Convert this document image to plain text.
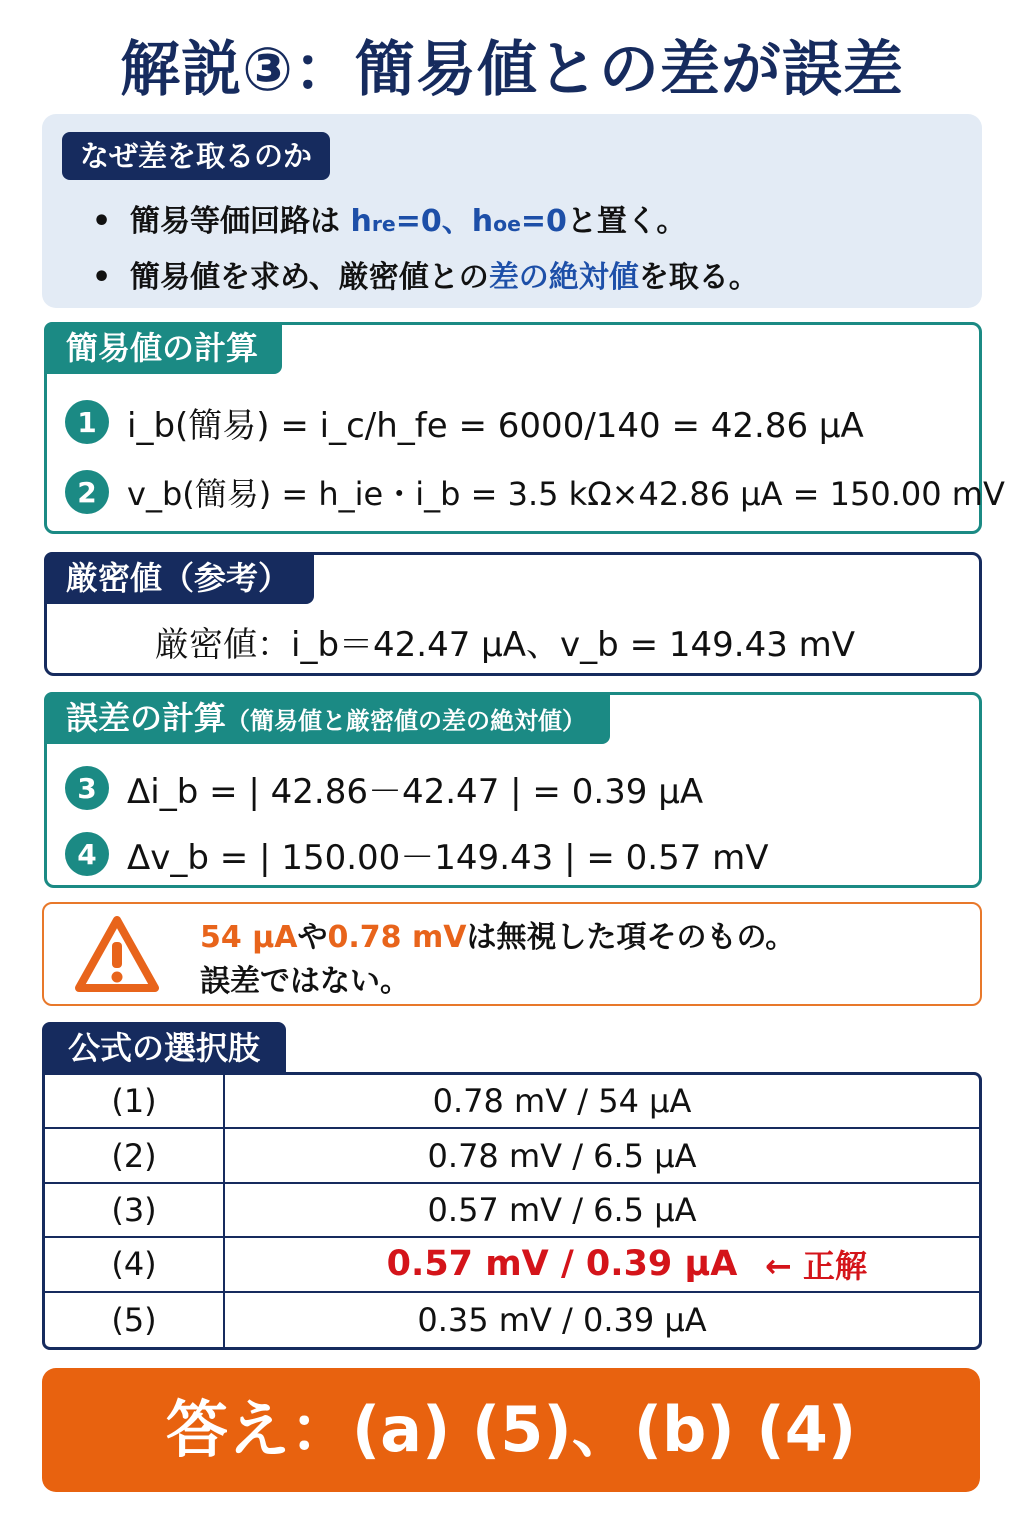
解説③：簡易値との差が誤差
なぜ差を取るのか
• 簡易等価回路は hre=0、hoe=0と置く。
• 簡易値を求め、厳密値との差の絶対値を取る。
簡易値の計算
1 i_b(簡易) = i_c/h_fe = 6000/140 = 42.86 μA
2 v_b(簡易) = h_ie・i_b = 3.5 kΩ×42.86 μA = 150.00 mV
厳密値（参考）
厳密値：i_b＝42.47 μA、v_b = 149.43 mV
誤差の計算（簡易値と厳密値の差の絶対値）
3 Δi_b = | 42.86－42.47 | = 0.39 μA
4 Δv_b = | 150.00－149.43 | = 0.57 mV
54 μAや0.78 mVは無視した項そのもの。
誤差ではない。
公式の選択肢
(1)	0.78 mV / 54 μA
(2)	0.78 mV / 6.5 μA
(3)	0.57 mV / 6.5 μA
(4)	0.57 mV / 0.39 μA ← 正解
(5)	0.35 mV / 0.39 μA
答え：(a) (5)、(b) (4)
